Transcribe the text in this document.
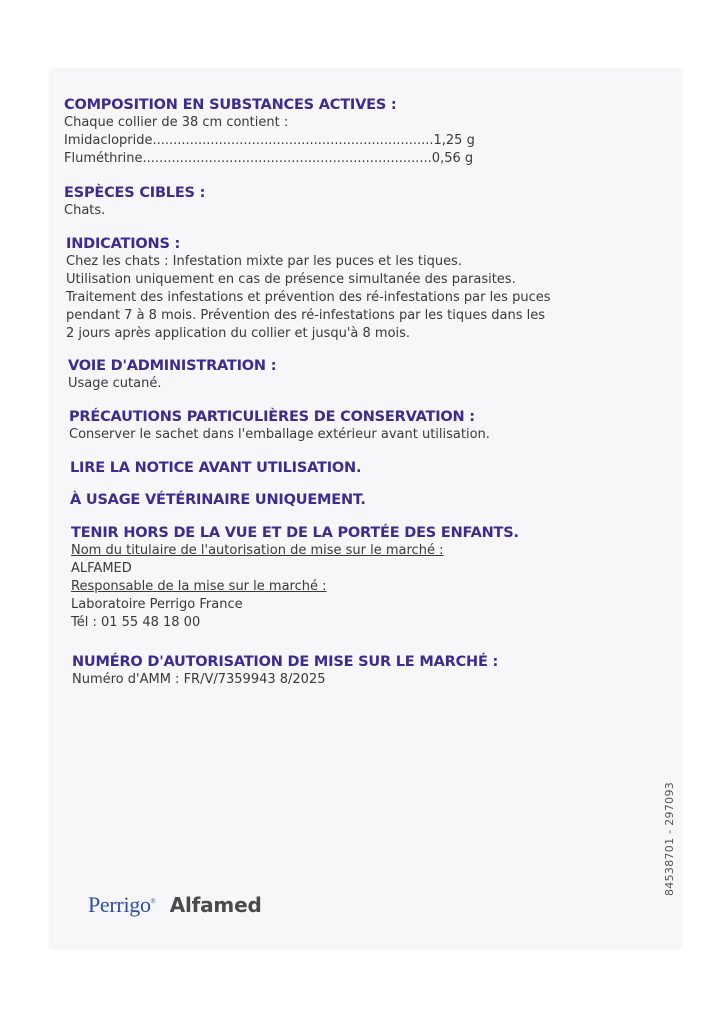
COMPOSITION EN SUBSTANCES ACTIVES :
Chaque collier de 38 cm contient :
Imidaclopride....................................................................1,25 g
Fluméthrine......................................................................0,56 g
ESPÈCES CIBLES :
Chats.
INDICATIONS :
Chez les chats : Infestation mixte par les puces et les tiques.
Utilisation uniquement en cas de présence simultanée des parasites.
Traitement des infestations et prévention des ré-infestations par les puces
pendant 7 à 8 mois. Prévention des ré-infestations par les tiques dans les
2 jours après application du collier et jusqu'à 8 mois.
VOIE D'ADMINISTRATION :
Usage cutané.
PRÉCAUTIONS PARTICULIÈRES DE CONSERVATION :
Conserver le sachet dans l'emballage extérieur avant utilisation.
LIRE LA NOTICE AVANT UTILISATION.
À USAGE VÉTÉRINAIRE UNIQUEMENT.
TENIR HORS DE LA VUE ET DE LA PORTÉE DES ENFANTS.
Nom du titulaire de l'autorisation de mise sur le marché :
ALFAMED
Responsable de la mise sur le marché :
Laboratoire Perrigo France
Tél : 01 55 48 18 00
NUMÉRO D'AUTORISATION DE MISE SUR LE MARCHÉ :
Numéro d'AMM : FR/V/7359943 8/2025
84538701 - 297093
Perrigo® Alfamed
